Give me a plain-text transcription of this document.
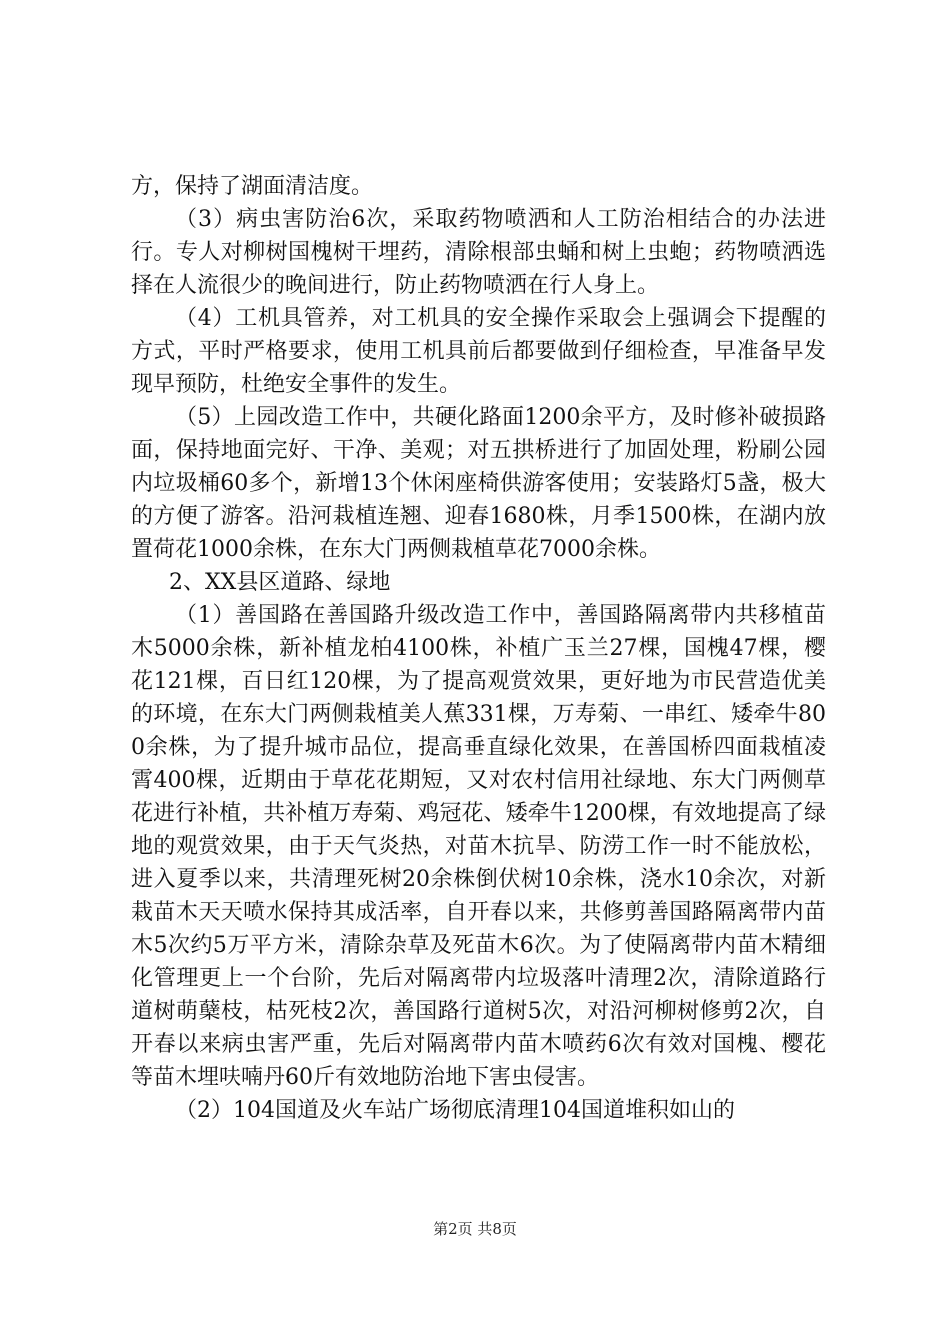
方，保持了湖面清洁度。

（3）病虫害防治6次，采取药物喷洒和人工防治相结合的办法进行。专人对柳树国槐树干埋药，清除根部虫蛹和树上虫蚫；药物喷洒选择在人流很少的晚间进行，防止药物喷洒在行人身上。

（4）工机具管养，对工机具的安全操作采取会上强调会下提醒的方式，平时严格要求，使用工机具前后都要做到仔细检查，早准备早发现早预防，杜绝安全事件的发生。

（5）上园改造工作中，共硬化路面1200余平方，及时修补破损路面，保持地面完好、干净、美观；对五拱桥进行了加固处理，粉刷公园内垃圾桶60多个，新增13个休闲座椅供游客使用；安装路灯5盏，极大的方便了游客。沿河栽植连翘、迎春1680株，月季1500株，在湖内放置荷花1000余株，在东大门两侧栽植草花7000余株。

2、XX县区道路、绿地

（1）善国路在善国路升级改造工作中，善国路隔离带内共移植苗木5000余株，新补植龙柏4100株，补植广玉兰27棵，国槐47棵，樱花121棵，百日红120棵，为了提高观赏效果，更好地为市民营造优美的环境，在东大门两侧栽植美人蕉331棵，万寿菊、一串红、矮牵牛800余株，为了提升城市品位，提高垂直绿化效果，在善国桥四面栽植凌霄400棵，近期由于草花花期短，又对农村信用社绿地、东大门两侧草花进行补植，共补植万寿菊、鸡冠花、矮牵牛1200棵，有效地提高了绿地的观赏效果，由于天气炎热，对苗木抗旱、防涝工作一时不能放松，进入夏季以来，共清理死树20余株倒伏树10余株，浇水10余次，对新栽苗木天天喷水保持其成活率，自开春以来，共修剪善国路隔离带内苗木5次约5万平方米，清除杂草及死苗木6次。为了使隔离带内苗木精细化管理更上一个台阶，先后对隔离带内垃圾落叶清理2次，清除道路行道树萌蘖枝，枯死枝2次，善国路行道树5次，对沿河柳树修剪2次，自开春以来病虫害严重，先后对隔离带内苗木喷药6次有效对国槐、樱花等苗木埋呋喃丹60斤有效地防治地下害虫侵害。

（2）104国道及火车站广场彻底清理104国道堆积如山的

第2页 共8页
